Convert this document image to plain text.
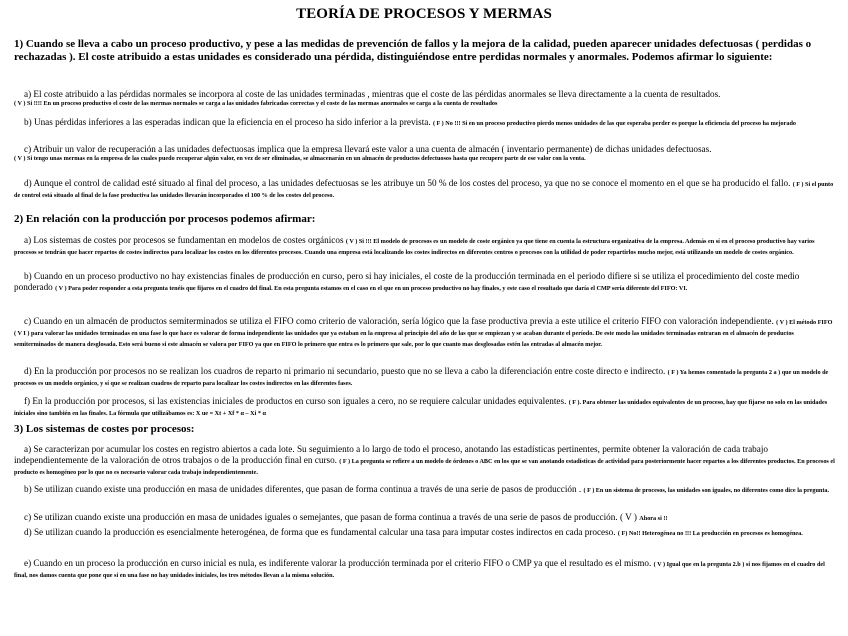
TEORÍA DE PROCESOS Y MERMAS
1) Cuando se lleva a cabo un proceso productivo, y pese a las medidas de prevención de fallos y la mejora de la calidad, pueden aparecer unidades defectuosas ( perdidas o rechazadas ). El coste atribuido a estas unidades es considerado una pérdida, distinguiéndose entre perdidas normales y anormales. Podemos afirmar lo siguiente:
a) El coste atribuido a las pérdidas normales se incorpora al coste de las unidades terminadas , mientras que el coste de las pérdidas anormales se lleva directamente a la cuenta de resultados.
( V ) Si !!!! En un proceso productivo el coste de las mermas normales se carga a las unidades fabricadas correctas y el coste de las mermas anormales se carga a la cuenta de resultados
b) Unas pérdidas inferiores a las esperadas indican que la eficiencia en el proceso ha sido inferior a la prevista. ( F ) No !!! Si en un proceso productivo pierdo menos unidades de las que esperaba perder es porque la eficiencia del proceso ha mejorado
c) Atribuir un valor de recuperación a las unidades defectuosas implica que la empresa llevará este valor a una cuenta de almacén ( inventario permanente) de dichas unidades defectuosas.
( V ) Si tengo unas mermas en la empresa de las cuales puedo recuperar algún valor, en vez de ser eliminadas, se almacenarán en un almacén de productos defectuosos hasta que recupere parte de ese valor con la venta.
d) Aunque el control de calidad esté situado al final del proceso, a las unidades defectuosas se les atribuye un 50 % de los costes del proceso, ya que no se conoce el momento en el que se ha producido el fallo. ( F ) Si el punto de control está situado al final de la fase productiva las unidades llevarán incorporados el 100 % de los costes del proceso.
2) En relación con la producción por procesos podemos afirmar:
a) Los sistemas de costes por procesos se fundamentan en modelos de costes orgánicos ( V ) Si !!! El modelo de procesos es un modelo de coste orgánico ya que tiene en cuenta la estructura organizativa de la empresa. Además en sí en el proceso productivo hay varios procesos se tendrán que hacer repartos de costes indirectos para localizar los costes en los diferentes procesos. Cuando una empresa está localizando los costes indirectos en diferentes centros o procesos con la utilidad de poder repartirlos mucho mejor, está utilizando un modelo de costes orgánico.
b) Cuando en un proceso productivo no hay existencias finales de producción en curso, pero si hay iniciales, el coste de la producción terminada en el periodo difiere si se utiliza el procedimiento del coste medio ponderado ( V ) Para poder responder a esta pregunta tenéis que fijaros en el cuadro del final. En esta pregunta estamos en el caso en el que en un proceso productivo no hay finales, y este caso el resultado que daría el CMP sería diferente del FIFO: VI.
c) Cuando en un almacén de productos semiterminados se utiliza el FIFO como criterio de valoración, sería lógico que la fase productiva previa a este utilice el criterio FIFO con valoración independiente. ( V ) El método FIFO ( V I ) para valorar las unidades terminadas en una fase lo que hace es valorar de forma independiente las unidades que ya estaban en la empresa al principio del año de las que se empiezan y se acaban durante el período. De este modo las unidades terminadas entraran en el almacén de productos semiterminados de manera desglosada. Esto será bueno si este almacén se valora por FIFO ya que en FIFO lo primero que entra es lo primero que sale, por lo que cuanto mas desglosadas estén las entradas al almacén mejor.
d) En la producción por procesos no se realizan los cuadros de reparto ni primario ni secundario, puesto que no se lleva a cabo la diferenciación entre coste directo e indirecto. ( F ) Ya hemos comentado la pregunta 2 a ) que un modelo de procesos es un modelo orgánico, y sí que se realizan cuadros de reparto para localizar los costes indirectos en las diferentes fases.
f) En la producción por procesos, si las existencias iniciales de productos en curso son iguales a cero, no se requiere calcular unidades equivalentes. ( F ). Para obtener las unidades equivalentes de un proceso, hay que fijarse no solo en las unidades iniciales sino también en las finales. La fórmula que utilizábamos es: X ue = Xt + Xf * α – Xi * α
3) Los sistemas de costes por procesos:
a) Se caracterizan por acumular los costes en registro abiertos a cada lote. Su seguimiento a lo largo de todo el proceso, anotando las estadísticas pertinentes, permite obtener la valoración de cada trabajo independientemente de la valoración de otros trabajos o de la producción final en curso. ( F ) La pregunta se refiere a un modelo de órdenes o ABC en los que se van anotando estadísticas de actividad para posteriormente hacer repartos a los diferentes productos. En procesos el producto es homogéneo por lo que no es necesario valorar cada trabajo independientemente.
b) Se utilizan cuando existe una producción en masa de unidades diferentes, que pasan de forma continua a través de una serie de pasos de producción . ( F ) En un sistema de procesos, las unidades son iguales, no diferentes como dice la pregunta.
c) Se utilizan cuando existe una producción en masa de unidades iguales o semejantes, que pasan de forma continua a través de una serie de pasos de producción. ( V ) Ahora si !!
d) Se utilizan cuando la producción es esencialmente heterogénea, de forma que es fundamental calcular una tasa para imputar costes indirectos en cada proceso. ( F) No!! Heterogénea no !!! La producción en procesos es homogénea.
e) Cuando en un proceso la producción en curso inicial es nula, es indiferente valorar la producción terminada por el criterio FIFO o CMP ya que el resultado es el mismo. ( V ) Igual que en la pregunta 2.b ) si nos fijamos en el cuadro del final, nos damos cuenta que pone que si en una fase no hay unidades iniciales, los tres métodos llevan a la misma solución.
